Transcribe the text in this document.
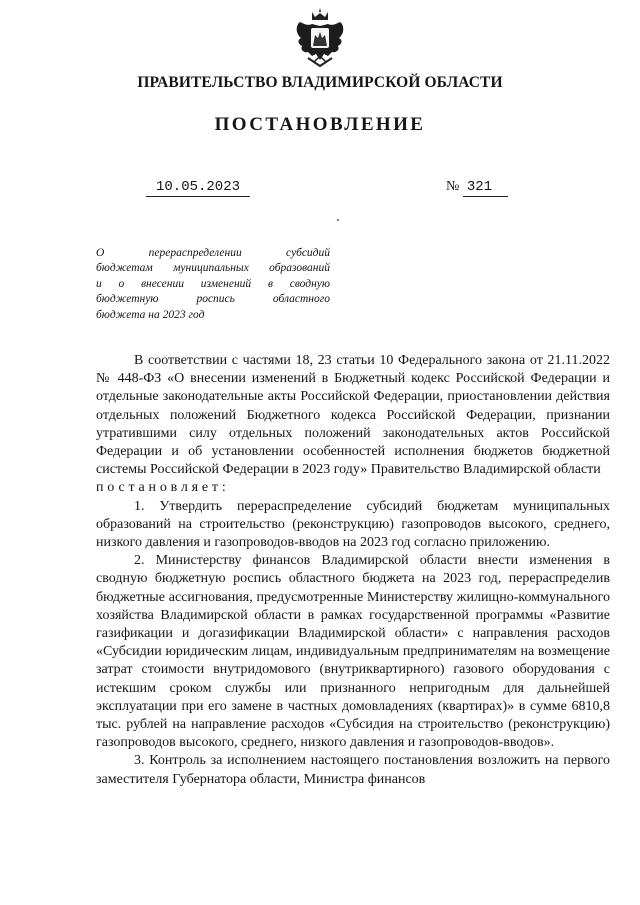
ПРАВИТЕЛЬСТВО ВЛАДИМИРСКОЙ ОБЛАСТИ
ПОСТАНОВЛЕНИЕ
10.05.2023	№ 321
О перераспределении субсидий
бюджетам муниципальных образований
и о внесении изменений в сводную
бюджетную роспись областного
бюджета на 2023 год

В соответствии с частями 18, 23 статьи 10 Федерального закона от 21.11.2022 № 448-ФЗ «О внесении изменений в Бюджетный кодекс Российской Федерации и отдельные законодательные акты Российской Федерации, приостановлении действия отдельных положений Бюджетного кодекса Российской Федерации, признании утратившими силу отдельных положений законодательных актов Российской Федерации и об установлении особенностей исполнения бюджетов бюджетной системы Российской Федерации в 2023 году» Правительство Владимирской области

постановляет:

1. Утвердить перераспределение субсидий бюджетам муниципальных образований на строительство (реконструкцию) газопроводов высокого, среднего, низкого давления и газопроводов-вводов на 2023 год согласно приложению.

2. Министерству финансов Владимирской области внести изменения в сводную бюджетную роспись областного бюджета на 2023 год, перераспределив бюджетные ассигнования, предусмотренные Министерству жилищно-коммунального хозяйства Владимирской области в рамках государственной программы «Развитие газификации и догазификации Владимирской области» с направления расходов «Субсидии юридическим лицам, индивидуальным предпринимателям на возмещение затрат стоимости внутридомового (внутриквартирного) газового оборудования с истекшим сроком службы или признанного непригодным для дальнейшей эксплуатации при его замене в частных домовладениях (квартирах)» в сумме 6810,8 тыс. рублей на направление расходов «Субсидия на строительство (реконструкцию) газопроводов высокого, среднего, низкого давления и газопроводов-вводов».

3. Контроль за исполнением настоящего постановления возложить на первого заместителя Губернатора области, Министра финансов
